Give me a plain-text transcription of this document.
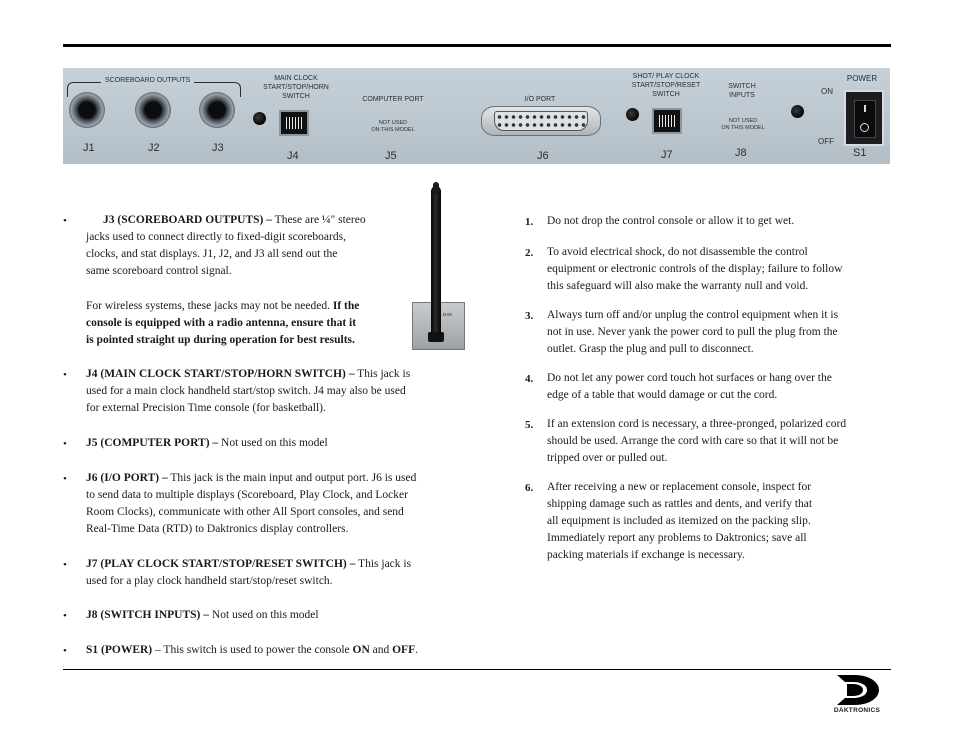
SCOREBOARD OUTPUTS
J1	J2	J3
MAIN CLOCK
START/STOP/HORN
SWITCH
J4
COMPUTER PORT
NOT USED
ON THIS MODEL
J5
I/O PORT
J6
SHOT/ PLAY CLOCK
START/STOP/RESET
SWITCH
J7
SWITCH
INPUTS
NOT USED
ON THIS MODEL
J8
POWER
ON
OFF
S1
DAK
•	J3 (SCOREBOARD OUTPUTS) – These are ¼" stereo
jacks used to connect directly to fixed-digit scoreboards,
clocks, and stat displays. J1, J2, and J3 all send out the
same scoreboard control signal.
For wireless systems, these jacks may not be needed. If the
console is equipped with a radio antenna, ensure that it
is pointed straight up during operation for best results.
• J4 (MAIN CLOCK START/STOP/HORN SWITCH) – This jack is
used for a main clock handheld start/stop switch. J4 may also be used
for external Precision Time console (for basketball).
• J5 (COMPUTER PORT) – Not used on this model
• J6 (I/O PORT) – This jack is the main input and output port. J6 is used
to send data to multiple displays (Scoreboard, Play Clock, and Locker
Room Clocks), communicate with other All Sport consoles, and send
Real-Time Data (RTD) to Daktronics display controllers.
• J7 (PLAY CLOCK START/STOP/RESET SWITCH) – This jack is
used for a play clock handheld start/stop/reset switch.
• J8 (SWITCH INPUTS) – Not used on this model
• S1 (POWER) – This switch is used to power the console ON and OFF.
1. Do not drop the control console or allow it to get wet.
2. To avoid electrical shock, do not disassemble the control
equipment or electronic controls of the display; failure to follow
this safeguard will also make the warranty null and void.
3. Always turn off and/or unplug the control equipment when it is
not in use. Never yank the power cord to pull the plug from the
outlet. Grasp the plug and pull to disconnect.
4. Do not let any power cord touch hot surfaces or hang over the
edge of a table that would damage or cut the cord.
5. If an extension cord is necessary, a three-pronged, polarized cord
should be used. Arrange the cord with care so that it will not be
tripped over or pulled out.
6. After receiving a new or replacement console, inspect for
shipping damage such as rattles and dents, and verify that
all equipment is included as itemized on the packing slip.
Immediately report any problems to Daktronics; save all
packing materials if exchange is necessary.
DAKTRONICS
